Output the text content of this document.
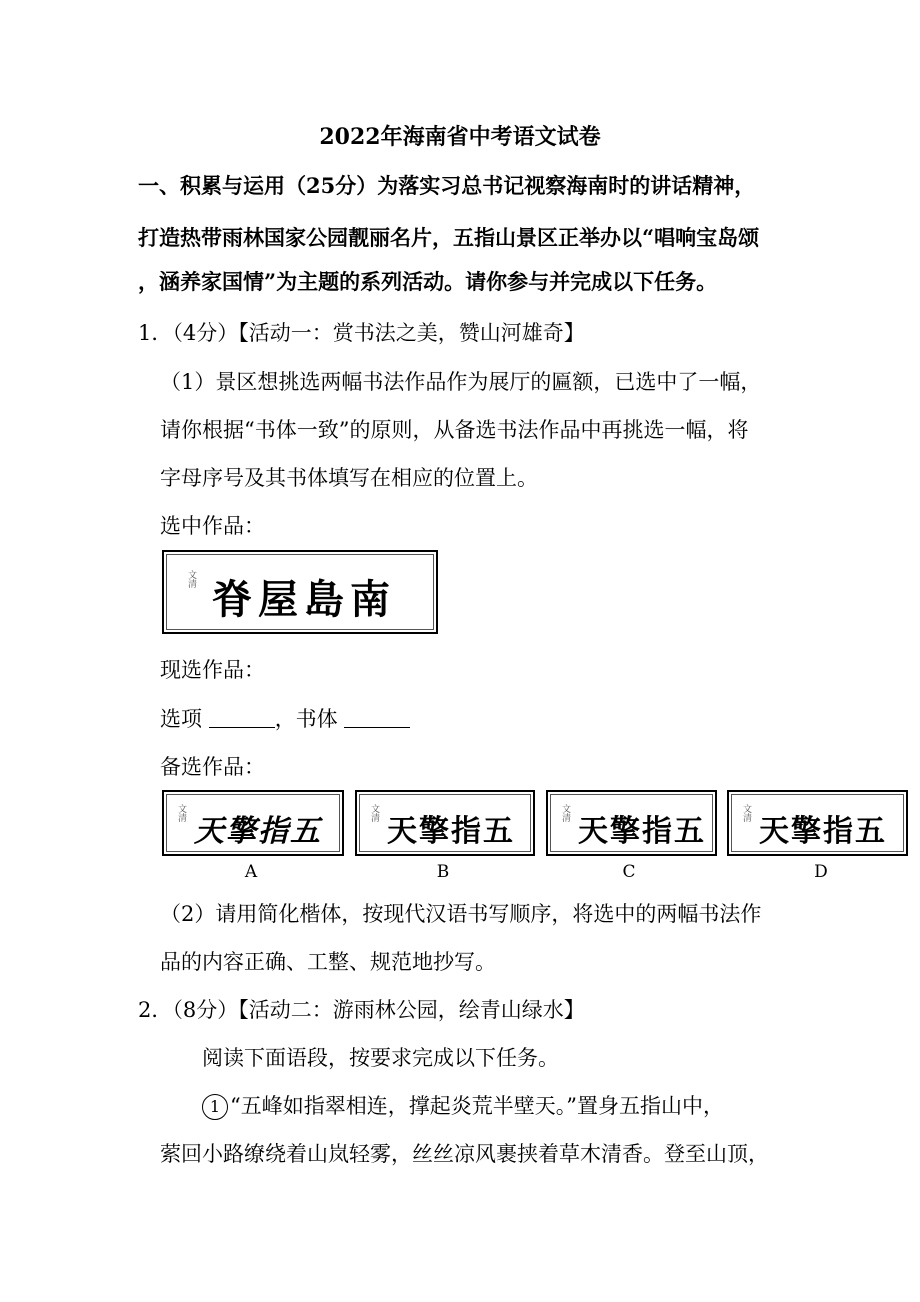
2022年海南省中考语文试卷
一、积累与运用（25分）为落实习总书记视察海南时的讲话精神，
打造热带雨林国家公园靓丽名片，五指山景区正举办以“唱响宝岛颂
，涵养家国情”为主题的系列活动。请你参与并完成以下任务。
1．（4分）【活动一：赏书法之美，赞山河雄奇】
（1）景区想挑选两幅书法作品作为展厅的匾额，已选中了一幅，
请你根据“书体一致”的原则，从备选书法作品中再挑选一幅，将
字母序号及其书体填写在相应的位置上。
选中作品：
文清 脊屋島南
现选作品：
选项	，书体
备选作品：
文清
天擎指五
A
文清
天擎指五
B
文清
天擎指五
C
文清
天擎指五
D
（2）请用简化楷体，按现代汉语书写顺序，将选中的两幅书法作
品的内容正确、工整、规范地抄写。
2．（8分）【活动二：游雨林公园，绘青山绿水】
阅读下面语段，按要求完成以下任务。
1 “五峰如指翠相连，撑起炎荒半壁天。”置身五指山中，
萦回小路缭绕着山岚轻雾，丝丝凉风裹挟着草木清香。登至山顶，
